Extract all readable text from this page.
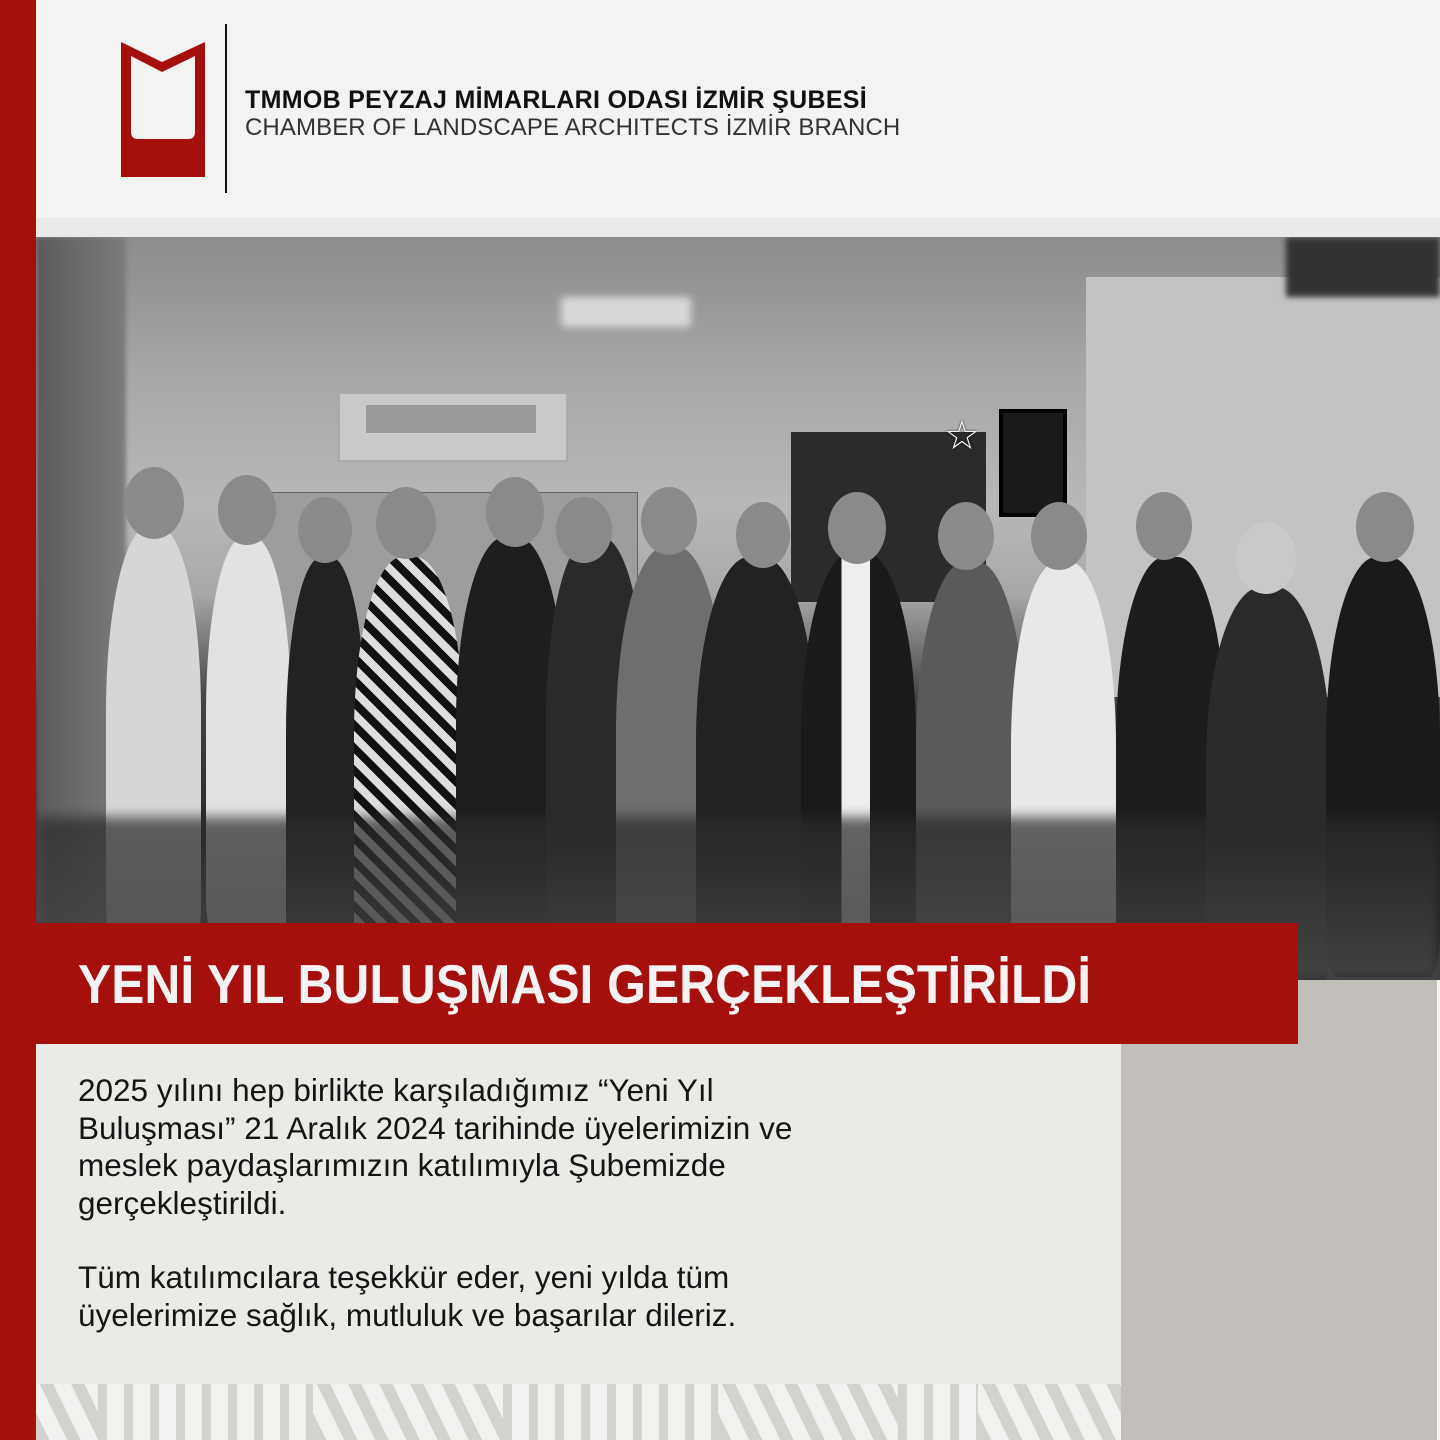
TMMOB PEYZAJ MİMARLARI ODASI İZMİR ŞUBESİ
CHAMBER OF LANDSCAPE ARCHITECTS İZMİR BRANCH
☆
YENİ YIL BULUŞMASI GERÇEKLEŞTİRİLDİ

2025 yılını hep birlikte karşıladığımız “Yeni Yıl
Buluşması” 21 Aralık 2024 tarihinde üyelerimizin ve
meslek paydaşlarımızın katılımıyla Şubemizde
gerçekleştirildi.

Tüm katılımcılara teşekkür eder, yeni yılda tüm
üyelerimize sağlık, mutluluk ve başarılar dileriz.
